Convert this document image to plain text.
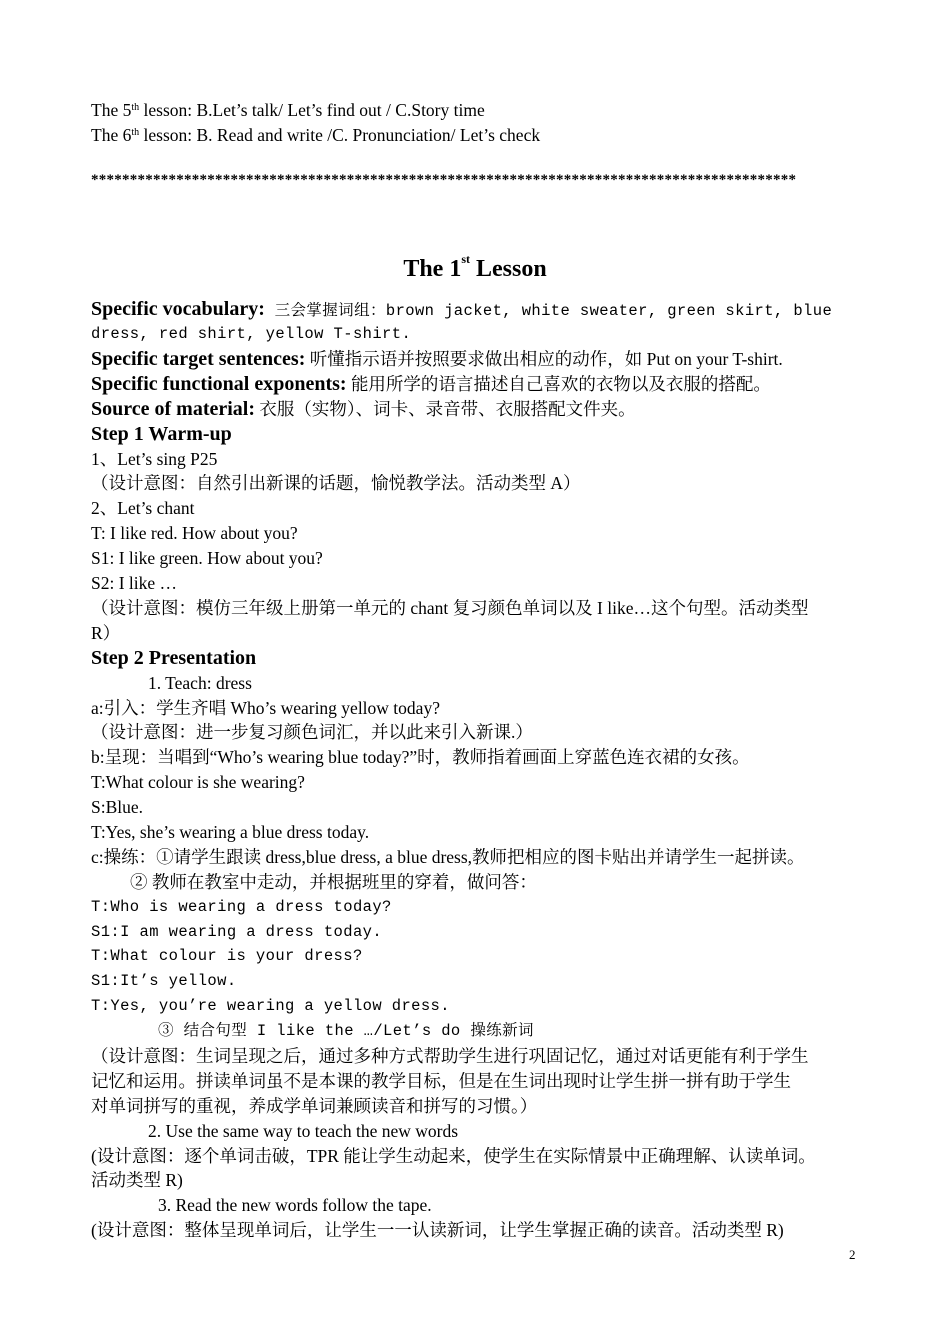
The 5th lesson: B.Let’s talk/ Let’s find out / C.Story time
The 6th lesson: B. Read and write /C. Pronunciation/ Let’s check
*******************************************************************************************
The 1st Lesson
Specific vocabulary: 三会掌握词组：brown jacket, white sweater, green skirt, blue
dress, red shirt, yellow T-shirt.
Specific target sentences: 听懂指示语并按照要求做出相应的动作，如 Put on your T-shirt.
Specific functional exponents: 能用所学的语言描述自己喜欢的衣物以及衣服的搭配。
Source of material: 衣服（实物）、词卡、录音带、衣服搭配文件夹。
Step 1 Warm-up
1、Let’s sing P25
（设计意图：自然引出新课的话题，愉悦教学法。活动类型 A）
2、Let’s chant
T: I like red. How about you?
S1: I like green. How about you?
S2: I like …
（设计意图：模仿三年级上册第一单元的 chant 复习颜色单词以及 I like…这个句型。活动类型
R）
Step 2 Presentation
1. Teach: dress
a:引入：学生齐唱 Who’s wearing yellow today?
（设计意图：进一步复习颜色词汇，并以此来引入新课.）
b:呈现：当唱到“Who’s wearing blue today?”时，教师指着画面上穿蓝色连衣裙的女孩。
T:What colour is she wearing?
S:Blue.
T:Yes, she’s wearing a blue dress today.
c:操练：①请学生跟读 dress,blue dress, a blue dress,教师把相应的图卡贴出并请学生一起拼读。
② 教师在教室中走动，并根据班里的穿着，做问答：
T:Who is wearing a dress today?
S1:I am wearing a dress today.
T:What colour is your dress?
S1:It’s yellow.
T:Yes, you’re wearing a yellow dress.
③ 结合句型 I like the …/Let’s do 操练新词
（设计意图：生词呈现之后，通过多种方式帮助学生进行巩固记忆，通过对话更能有利于学生
记忆和运用。拼读单词虽不是本课的教学目标，但是在生词出现时让学生拼一拼有助于学生
对单词拼写的重视，养成学单词兼顾读音和拼写的习惯。）
2. Use the same way to teach the new words
(设计意图：逐个单词击破，TPR 能让学生动起来，使学生在实际情景中正确理解、认读单词。
活动类型 R)
3. Read the new words follow the tape.
(设计意图：整体呈现单词后，让学生一一认读新词，让学生掌握正确的读音。活动类型 R)
2
